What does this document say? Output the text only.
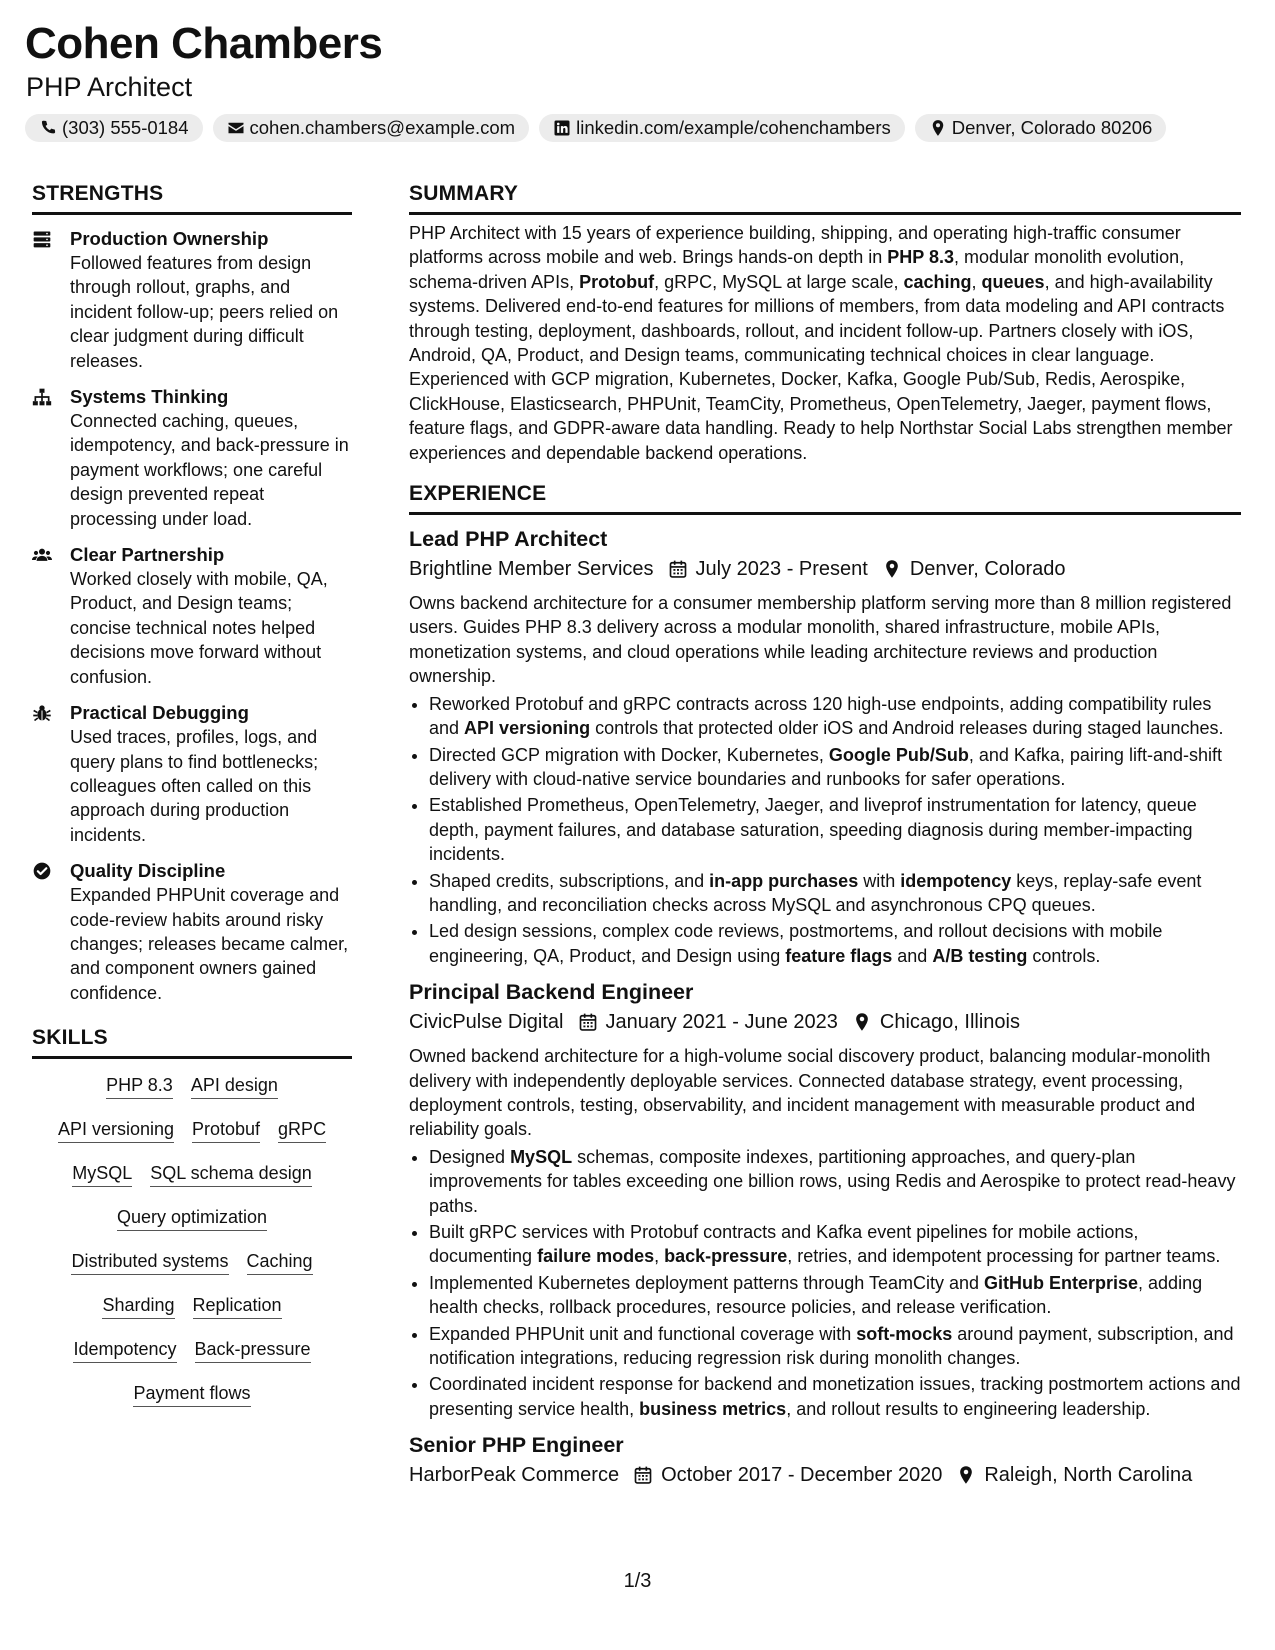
Cohen Chambers
PHP Architect
(303) 555-0184	cohen.chambers@example.com	linkedin.com/example/cohenchambers	Denver, Colorado 80206
STRENGTHS
Production Ownership
Followed features from design through rollout, graphs, and incident follow-up; peers relied on clear judgment during difficult releases.
Systems Thinking
Connected caching, queues, idempotency, and back-pressure in payment workflows; one careful design prevented repeat processing under load.
Clear Partnership
Worked closely with mobile, QA, Product, and Design teams; concise technical notes helped decisions move forward without confusion.
Practical Debugging
Used traces, profiles, logs, and query plans to find bottlenecks; colleagues often called on this approach during production incidents.
Quality Discipline
Expanded PHPUnit coverage and code-review habits around risky changes; releases became calmer, and component owners gained confidence.
SKILLS
PHP 8.3 API design
API versioning Protobuf gRPC
MySQL SQL schema design
Query optimization
Distributed systems Caching
Sharding Replication
Idempotency Back-pressure
Payment flows
SUMMARY
PHP Architect with 15 years of experience building, shipping, and operating high-traffic consumer platforms across mobile and web. Brings hands-on depth in PHP 8.3, modular monolith evolution, schema-driven APIs, Protobuf, gRPC, MySQL at large scale, caching, queues, and high-availability systems. Delivered end-to-end features for millions of members, from data modeling and API contracts through testing, deployment, dashboards, rollout, and incident follow-up. Partners closely with iOS, Android, QA, Product, and Design teams, communicating technical choices in clear language. Experienced with GCP migration, Kubernetes, Docker, Kafka, Google Pub/Sub, Redis, Aerospike, ClickHouse, Elasticsearch, PHPUnit, TeamCity, Prometheus, OpenTelemetry, Jaeger, payment flows, feature flags, and GDPR-aware data handling. Ready to help Northstar Social Labs strengthen member experiences and dependable backend operations.
EXPERIENCE
Lead PHP Architect
Brightline Member Services July 2023 - Present Denver, Colorado
Owns backend architecture for a consumer membership platform serving more than 8 million registered users. Guides PHP 8.3 delivery across a modular monolith, shared infrastructure, mobile APIs, monetization systems, and cloud operations while leading architecture reviews and production ownership.
• Reworked Protobuf and gRPC contracts across 120 high-use endpoints, adding compatibility rules and API versioning controls that protected older iOS and Android releases during staged launches.
• Directed GCP migration with Docker, Kubernetes, Google Pub/Sub, and Kafka, pairing lift-and-shift delivery with cloud-native service boundaries and runbooks for safer operations.
• Established Prometheus, OpenTelemetry, Jaeger, and liveprof instrumentation for latency, queue depth, payment failures, and database saturation, speeding diagnosis during member-impacting incidents.
• Shaped credits, subscriptions, and in-app purchases with idempotency keys, replay-safe event handling, and reconciliation checks across MySQL and asynchronous CPQ queues.
• Led design sessions, complex code reviews, postmortems, and rollout decisions with mobile engineering, QA, Product, and Design using feature flags and A/B testing controls.
Principal Backend Engineer
CivicPulse Digital January 2021 - June 2023 Chicago, Illinois
Owned backend architecture for a high-volume social discovery product, balancing modular-monolith delivery with independently deployable services. Connected database strategy, event processing, deployment controls, testing, observability, and incident management with measurable product and reliability goals.
• Designed MySQL schemas, composite indexes, partitioning approaches, and query-plan improvements for tables exceeding one billion rows, using Redis and Aerospike to protect read-heavy paths.
• Built gRPC services with Protobuf contracts and Kafka event pipelines for mobile actions, documenting failure modes, back-pressure, retries, and idempotent processing for partner teams.
• Implemented Kubernetes deployment patterns through TeamCity and GitHub Enterprise, adding health checks, rollback procedures, resource policies, and release verification.
• Expanded PHPUnit unit and functional coverage with soft-mocks around payment, subscription, and notification integrations, reducing regression risk during monolith changes.
• Coordinated incident response for backend and monetization issues, tracking postmortem actions and presenting service health, business metrics, and rollout results to engineering leadership.
Senior PHP Engineer
HarborPeak Commerce October 2017 - December 2020 Raleigh, North Carolina
1/3
